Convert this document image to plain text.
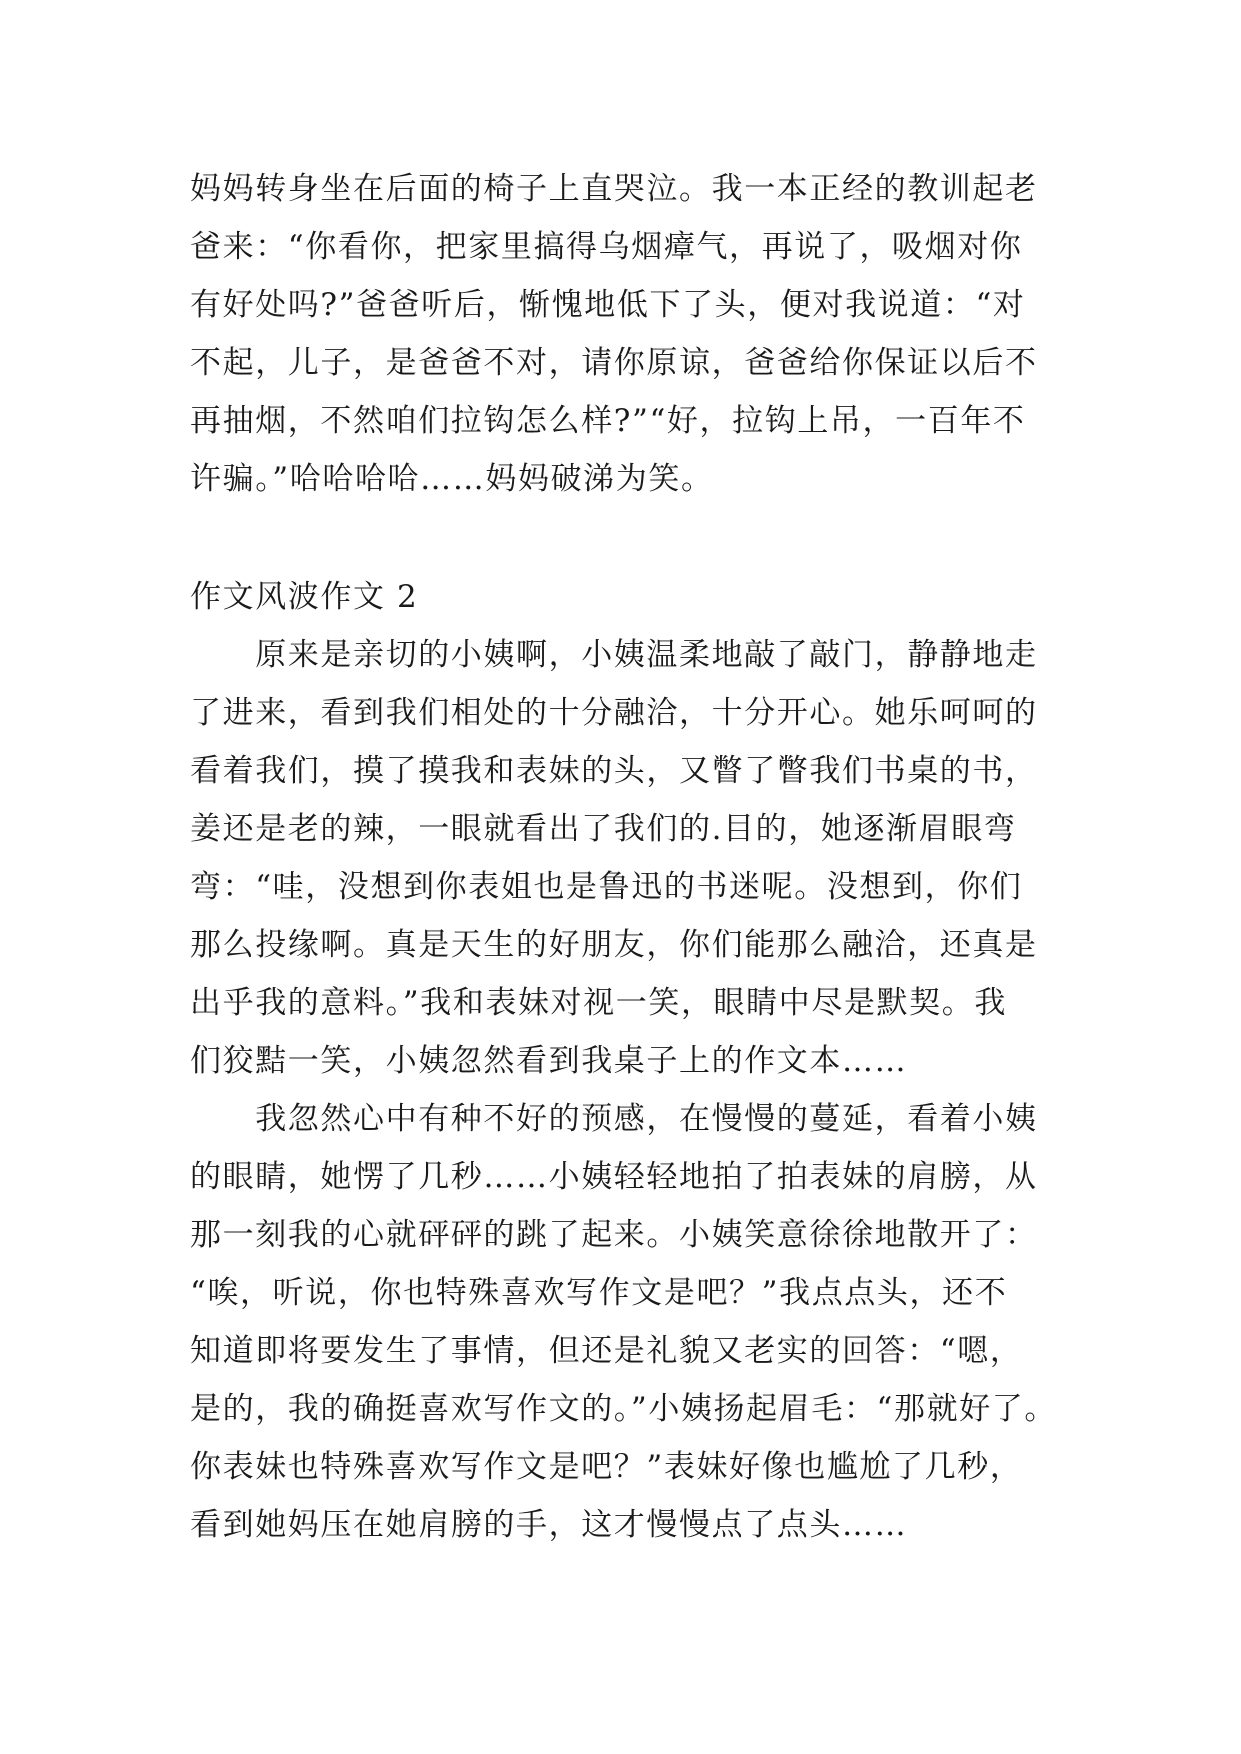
妈妈转身坐在后面的椅子上直哭泣。我一本正经的教训起老
爸来：“你看你，把家里搞得乌烟瘴气，再说了，吸烟对你
有好处吗?”爸爸听后，惭愧地低下了头，便对我说道：“对
不起，儿子，是爸爸不对，请你原谅，爸爸给你保证以后不
再抽烟，不然咱们拉钩怎么样?”“好，拉钩上吊，一百年不
许骗。”哈哈哈哈……妈妈破涕为笑。
作文风波作文 2
　　原来是亲切的小姨啊，小姨温柔地敲了敲门，静静地走
了进来，看到我们相处的十分融洽，十分开心。她乐呵呵的
看着我们，摸了摸我和表妹的头，又瞥了瞥我们书桌的书，
姜还是老的辣，一眼就看出了我们的.目的，她逐渐眉眼弯
弯：“哇，没想到你表姐也是鲁迅的书迷呢。没想到，你们
那么投缘啊。真是天生的好朋友，你们能那么融洽，还真是
出乎我的意料。”我和表妹对视一笑，眼睛中尽是默契。我
们狡黠一笑，小姨忽然看到我桌子上的作文本……
　　我忽然心中有种不好的预感，在慢慢的蔓延，看着小姨
的眼睛，她愣了几秒……小姨轻轻地拍了拍表妹的肩膀，从
那一刻我的心就砰砰的跳了起来。小姨笑意徐徐地散开了：
“唉，听说，你也特殊喜欢写作文是吧？”我点点头，还不
知道即将要发生了事情，但还是礼貌又老实的回答：“嗯，
是的，我的确挺喜欢写作文的。”小姨扬起眉毛：“那就好了。
你表妹也特殊喜欢写作文是吧？”表妹好像也尴尬了几秒，
看到她妈压在她肩膀的手，这才慢慢点了点头……
